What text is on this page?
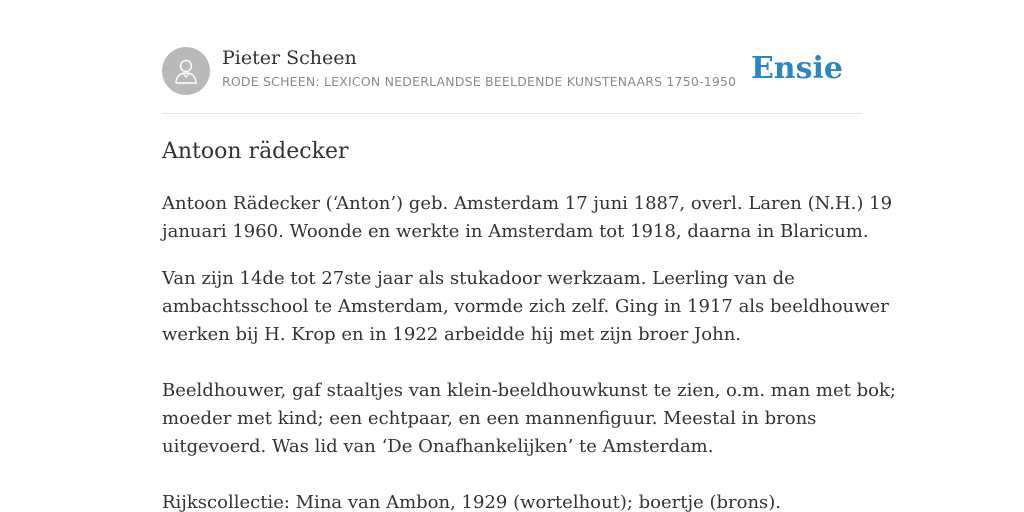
Pieter Scheen
RODE SCHEEN: LEXICON NEDERLANDSE BEELDENDE KUNSTENAARS 1750-1950 Ensie
Antoon rädecker

Antoon Rädecker (‘Anton’) geb. Amsterdam 17 juni 1887, overl. Laren (N.H.) 19

januari 1960. Woonde en werkte in Amsterdam tot 1918, daarna in Blaricum.

Van zijn 14de tot 27ste jaar als stukadoor werkzaam. Leerling van de

ambachtsschool te Amsterdam, vormde zich zelf. Ging in 1917 als beeldhouwer

werken bij H. Krop en in 1922 arbeidde hij met zijn broer John.

Beeldhouwer, gaf staaltjes van klein-beeldhouwkunst te zien, o.m. man met bok;

moeder met kind; een echtpaar, en een mannenfiguur. Meestal in brons

uitgevoerd. Was lid van ‘De Onafhankelijken’ te Amsterdam.

Rijkscollectie: Mina van Ambon, 1929 (wortelhout); boertje (brons).
